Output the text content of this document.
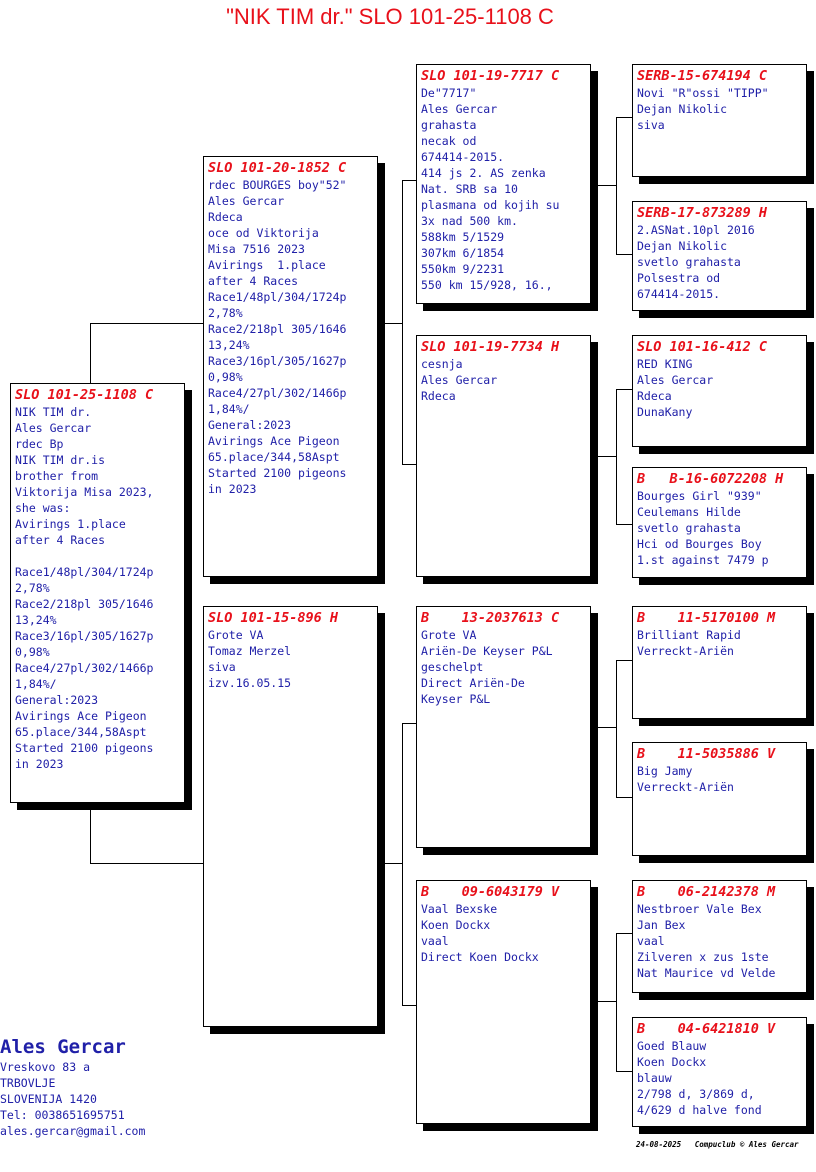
"NIK TIM dr." SLO 101-25-1108 C
SLO 101-25-1108 C
NIK TIM dr.
Ales Gercar
rdec Bp
NIK TIM dr.is
brother from
Viktorija Misa 2023,
she was:
Avirings 1.place
after 4 Races
Race1/48pl/304/1724p
2,78%
Race2/218pl 305/1646
13,24%
Race3/16pl/305/1627p
0,98%
Race4/27pl/302/1466p
1,84%/
General:2023
Avirings Ace Pigeon
65.place/344,58Aspt
Started 2100 pigeons
in 2023
SLO 101-20-1852 C
rdec BOURGES boy"52"
Ales Gercar
Rdeca
oce od Viktorija
Misa 7516 2023
Avirings  1.place
after 4 Races
Race1/48pl/304/1724p
2,78%
Race2/218pl 305/1646
13,24%
Race3/16pl/305/1627p
0,98%
Race4/27pl/302/1466p
1,84%/
General:2023
Avirings Ace Pigeon
65.place/344,58Aspt
Started 2100 pigeons
in 2023
SLO 101-15-896 H
Grote VA
Tomaz Merzel
siva
izv.16.05.15
SLO 101-19-7717 C
De"7717"
Ales Gercar
grahasta
necak od
674414-2015.
414 js 2. AS zenka
Nat. SRB sa 10
plasmana od kojih su
3x nad 500 km.
588km 5/1529
307km 6/1854
550km 9/2231
550 km 15/928, 16.,
SLO 101-19-7734 H
cesnja
Ales Gercar
Rdeca
B    13-2037613 C
Grote VA
Ariën-De Keyser P&L
geschelpt
Direct Ariën-De
Keyser P&L
B    09-6043179 V
Vaal Bexske
Koen Dockx
vaal
Direct Koen Dockx
SERB-15-674194 C
Novi "R"ossi "TIPP"
Dejan Nikolic
siva
SERB-17-873289 H
2.ASNat.10pl 2016
Dejan Nikolic
svetlo grahasta
Polsestra od
674414-2015.
SLO 101-16-412 C
RED KING
Ales Gercar
Rdeca
DunaKany
B   B-16-6072208 H
Bourges Girl "939"
Ceulemans Hilde
svetlo grahasta
Hci od Bourges Boy
1.st against 7479 p
B    11-5170100 M
Brilliant Rapid
Verreckt-Ariën
B    11-5035886 V
Big Jamy
Verreckt-Ariën
B    06-2142378 M
Nestbroer Vale Bex
Jan Bex
vaal
Zilveren x zus 1ste
Nat Maurice vd Velde
B    04-6421810 V
Goed Blauw
Koen Dockx
blauw
2/798 d, 3/869 d,
4/629 d halve fond
Ales Gercar
Vreskovo 83 a
TRBOVLJE
SLOVENIJA 1420
Tel: 0038651695751
ales.gercar@gmail.com
24-08-2025   Compuclub © Ales Gercar
